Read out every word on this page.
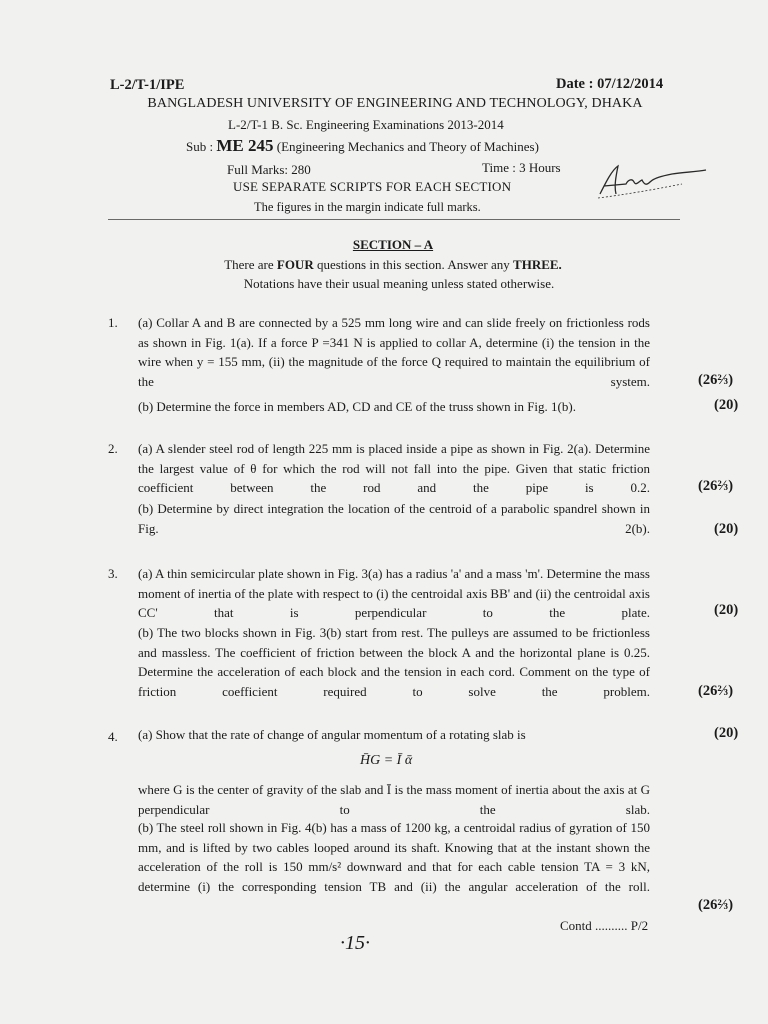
L-2/T-1/IPE	Date : 07/12/2014
BANGLADESH UNIVERSITY OF ENGINEERING AND TECHNOLOGY, DHAKA
L-2/T-1 B. Sc. Engineering Examinations 2013-2014
Sub : ME 245 (Engineering Mechanics and Theory of Machines)
Full Marks: 280	Time : 3 Hours
USE SEPARATE SCRIPTS FOR EACH SECTION
The figures in the margin indicate full marks.
SECTION – A
There are FOUR questions in this section. Answer any THREE.
Notations have their usual meaning unless stated otherwise.
1. (a) Collar A and B are connected by a 525 mm long wire and can slide freely on frictionless rods as shown in Fig. 1(a). If a force P =341 N is applied to collar A, determine (i) the tension in the wire when y = 155 mm, (ii) the magnitude of the force Q required to maintain the equilibrium of the system.	(26⅔)
(b) Determine the force in members AD, CD and CE of the truss shown in Fig. 1(b).	(20)
2. (a) A slender steel rod of length 225 mm is placed inside a pipe as shown in Fig. 2(a). Determine the largest value of θ for which the rod will not fall into the pipe. Given that static friction coefficient between the rod and the pipe is 0.2.	(26⅔)
(b) Determine by direct integration the location of the centroid of a parabolic spandrel shown in Fig. 2(b).	(20)
3. (a) A thin semicircular plate shown in Fig. 3(a) has a radius 'a' and a mass 'm'. Determine the mass moment of inertia of the plate with respect to (i) the centroidal axis BB' and (ii) the centroidal axis CC' that is perpendicular to the plate.	(20)
(b) The two blocks shown in Fig. 3(b) start from rest. The pulleys are assumed to be frictionless and massless. The coefficient of friction between the block A and the horizontal plane is 0.25. Determine the acceleration of each block and the tension in each cord. Comment on the type of friction coefficient required to solve the problem.	(26⅔)
4. (a) Show that the rate of change of angular momentum of a rotating slab is	(20)
H̄G = Ī ᾱ
where G is the center of gravity of the slab and Ī is the mass moment of inertia about the axis at G perpendicular to the slab.
(b) The steel roll shown in Fig. 4(b) has a mass of 1200 kg, a centroidal radius of gyration of 150 mm, and is lifted by two cables looped around its shaft. Knowing that at the instant shown the acceleration of the roll is 150 mm/s² downward and that for each cable tension TA = 3 kN, determine (i) the corresponding tension TB and (ii) the angular acceleration of the roll.
(26⅔)
Contd .......... P/2
·15·
